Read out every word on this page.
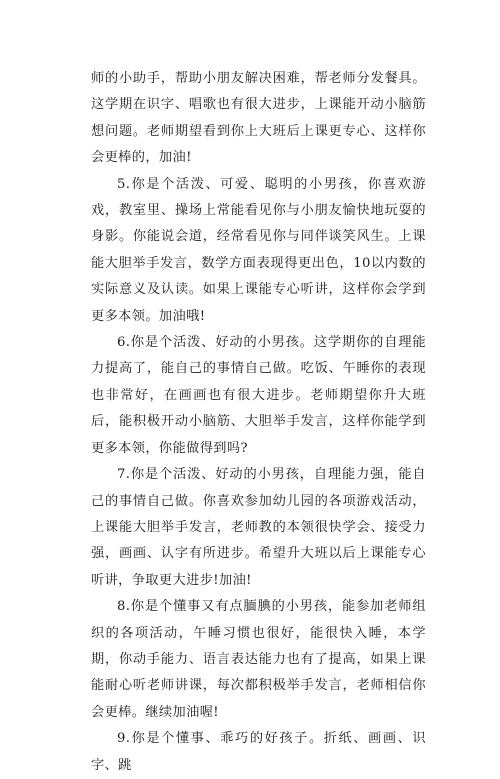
师的小助手，帮助小朋友解决困难，帮老师分发餐具。这学期在识字、唱歌也有很大进步，上课能开动小脑筋想问题。老师期望看到你上大班后上课更专心、这样你会更棒的，加油!

5.你是个活泼、可爱、聪明的小男孩，你喜欢游戏，教室里、操场上常能看见你与小朋友愉快地玩耍的身影。你能说会道，经常看见你与同伴谈笑风生。上课能大胆举手发言，数学方面表现得更出色，10以内数的实际意义及认读。如果上课能专心听讲，这样你会学到更多本领。加油哦!

6.你是个活泼、好动的小男孩。这学期你的自理能力提高了，能自己的事情自己做。吃饭、午睡你的表现也非常好，在画画也有很大进步。老师期望你升大班后，能积极开动小脑筋、大胆举手发言，这样你能学到更多本领，你能做得到吗?

7.你是个活泼、好动的小男孩，自理能力强，能自己的事情自己做。你喜欢参加幼儿园的各项游戏活动，上课能大胆举手发言，老师教的本领很快学会、接受力强，画画、认字有所进步。希望升大班以后上课能专心听讲，争取更大进步!加油!

8.你是个懂事又有点腼腆的小男孩，能参加老师组织的各项活动，午睡习惯也很好，能很快入睡，本学期，你动手能力、语言表达能力也有了提高，如果上课能耐心听老师讲课，每次都积极举手发言，老师相信你会更棒。继续加油喔!

9.你是个懂事、乖巧的好孩子。折纸、画画、识字、跳
